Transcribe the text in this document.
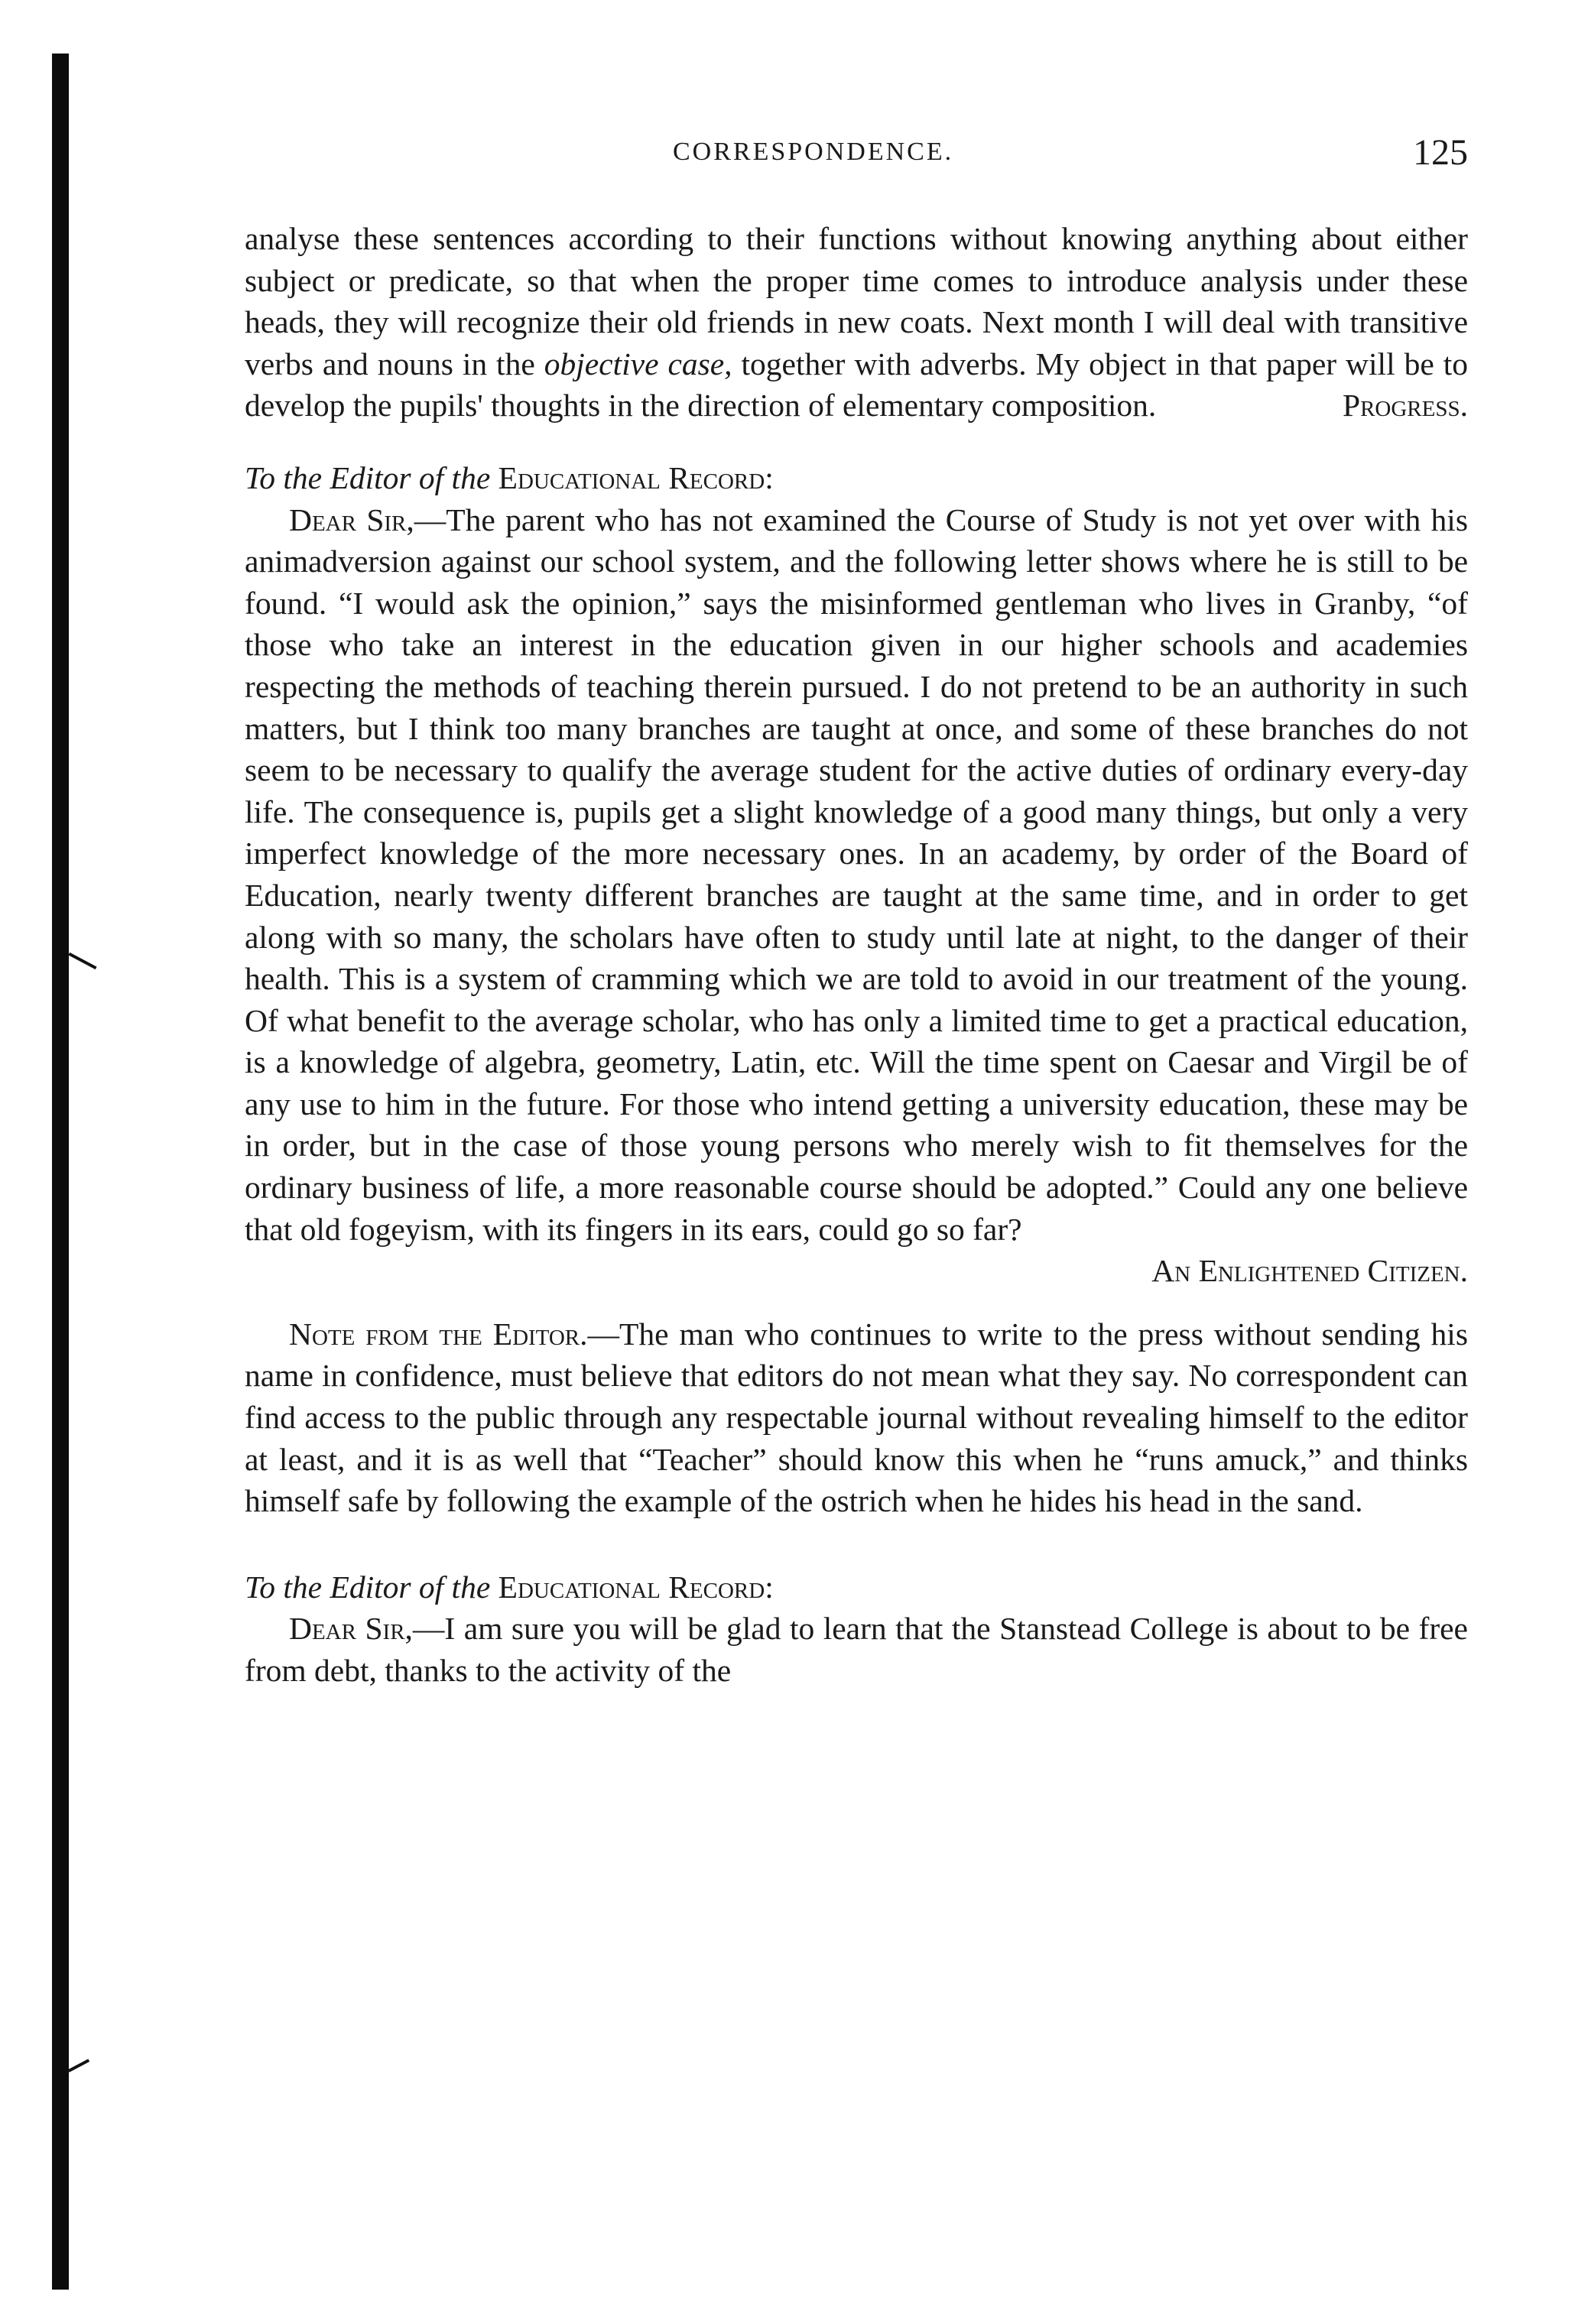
CORRESPONDENCE.	125

analyse these sentences according to their functions without knowing anything about either subject or predicate, so that when the proper time comes to introduce analysis under these heads, they will recognize their old friends in new coats. Next month I will deal with transitive verbs and nouns in the objective case, together with adverbs. My object in that paper will be to develop the pupils' thoughts in the direction of elementary composition.	Progress.

To the Editor of the Educational Record:

Dear Sir,—The parent who has not examined the Course of Study is not yet over with his animadversion against our school system, and the following letter shows where he is still to be found. “I would ask the opinion,” says the misinformed gentleman who lives in Granby, “of those who take an interest in the education given in our higher schools and academies respecting the methods of teaching therein pursued. I do not pretend to be an authority in such matters, but I think too many branches are taught at once, and some of these branches do not seem to be necessary to qualify the average student for the active duties of ordinary every-day life. The consequence is, pupils get a slight knowledge of a good many things, but only a very imperfect knowledge of the more necessary ones. In an academy, by order of the Board of Education, nearly twenty different branches are taught at the same time, and in order to get along with so many, the scholars have often to study until late at night, to the danger of their health. This is a system of cramming which we are told to avoid in our treatment of the young. Of what benefit to the average scholar, who has only a limited time to get a practical education, is a knowledge of algebra, geometry, Latin, etc. Will the time spent on Caesar and Virgil be of any use to him in the future. For those who intend getting a university education, these may be in order, but in the case of those young persons who merely wish to fit themselves for the ordinary business of life, a more reasonable course should be adopted.” Could any one believe that old fogeyism, with its fingers in its ears, could go so far?

An Enlightened Citizen.

Note from the Editor.—The man who continues to write to the press without sending his name in confidence, must believe that editors do not mean what they say. No correspondent can find access to the public through any respectable journal without revealing himself to the editor at least, and it is as well that “Teacher” should know this when he “runs amuck,” and thinks himself safe by following the example of the ostrich when he hides his head in the sand.

To the Editor of the Educational Record:

Dear Sir,—I am sure you will be glad to learn that the Stanstead College is about to be free from debt, thanks to the activity of the
